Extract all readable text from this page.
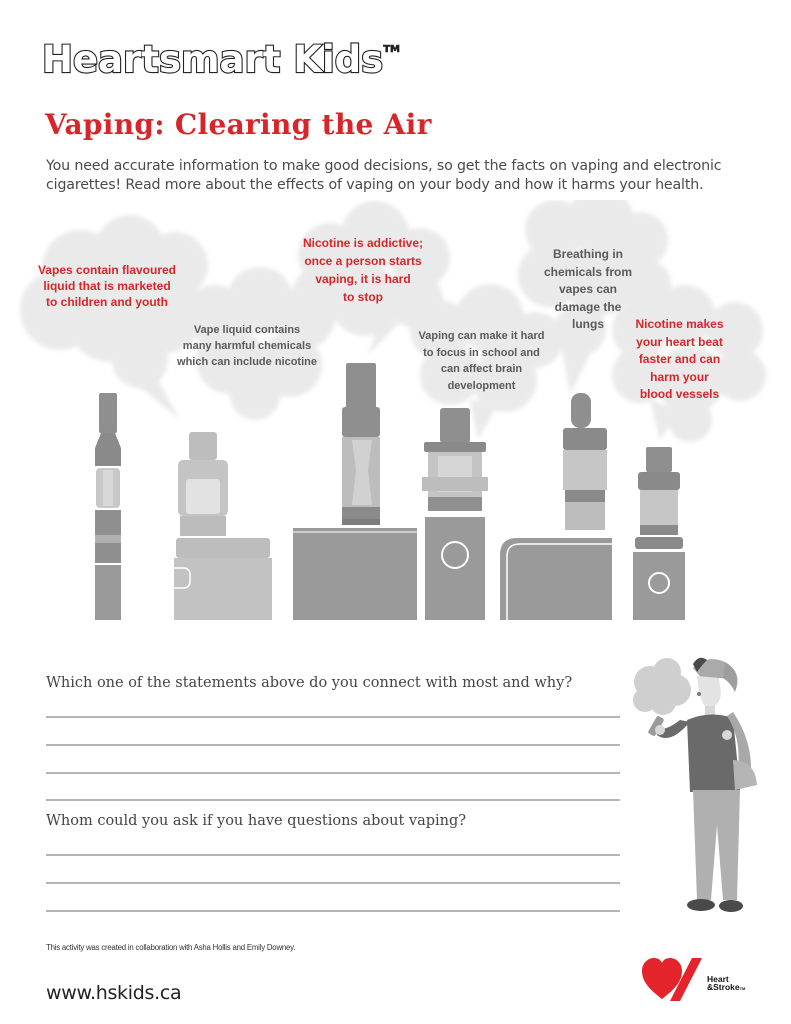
Heartsmart Kids™
Vaping: Clearing the Air
You need accurate information to make good decisions, so get the facts on vaping and electronic cigarettes! Read more about the effects of vaping on your body and how it harms your health.
Vapes contain flavoured
liquid that is marketed
to children and youth
Vape liquid contains
many harmful chemicals
which can include nicotine
Nicotine is addictive;
once a person starts
vaping, it is hard
to stop
Vaping can make it hard
to focus in school and
can affect brain
development
Breathing in
chemicals from
vapes can
damage the
lungs	Nicotine makes
your heart beat
faster and can
harm your
blood vessels
Which one of the statements above do you connect with most and why?
Whom could you ask if you have questions about vaping?
This activity was created in collaboration with Asha Hollis and Emily Downey.
www.hskids.ca
Heart
&StrokeTM
